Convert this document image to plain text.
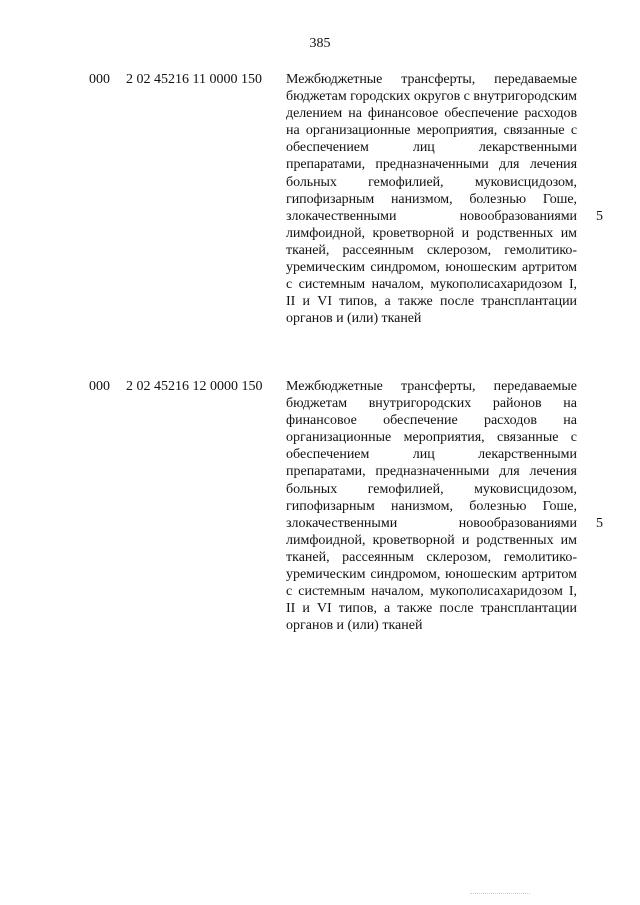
385
000 2 02 45216 11 0000 150 Межбюджетные трансферты, передаваемые бюджетам городских округов с внутригородским делением на финансовое обеспечение расходов на организационные мероприятия, связанные с обеспечением лиц лекарственными препаратами, предназначенными для лечения больных гемофилией, муковисцидозом, гипофизарным нанизмом, болезнью Гоше, злокачественными новообразованиями лимфоидной, кроветворной и родственных им тканей, рассеянным склерозом, гемолитико-уремическим синдромом, юношеским артритом с системным началом, мукополисахаридозом I, II и VI типов, а также после трансплантации органов и (или) тканей
5
000 2 02 45216 12 0000 150 Межбюджетные трансферты, передаваемые бюджетам внутригородских районов на финансовое обеспечение расходов на организационные мероприятия, связанные с обеспечением лиц лекарственными препаратами, предназначенными для лечения больных гемофилией, муковисцидозом, гипофизарным нанизмом, болезнью Гоше, злокачественными новообразованиями лимфоидной, кроветворной и родственных им тканей, рассеянным склерозом, гемолитико-уремическим синдромом, юношеским артритом с системным началом, мукополисахаридозом I, II и VI типов, а также после трансплантации органов и (или) тканей
5
